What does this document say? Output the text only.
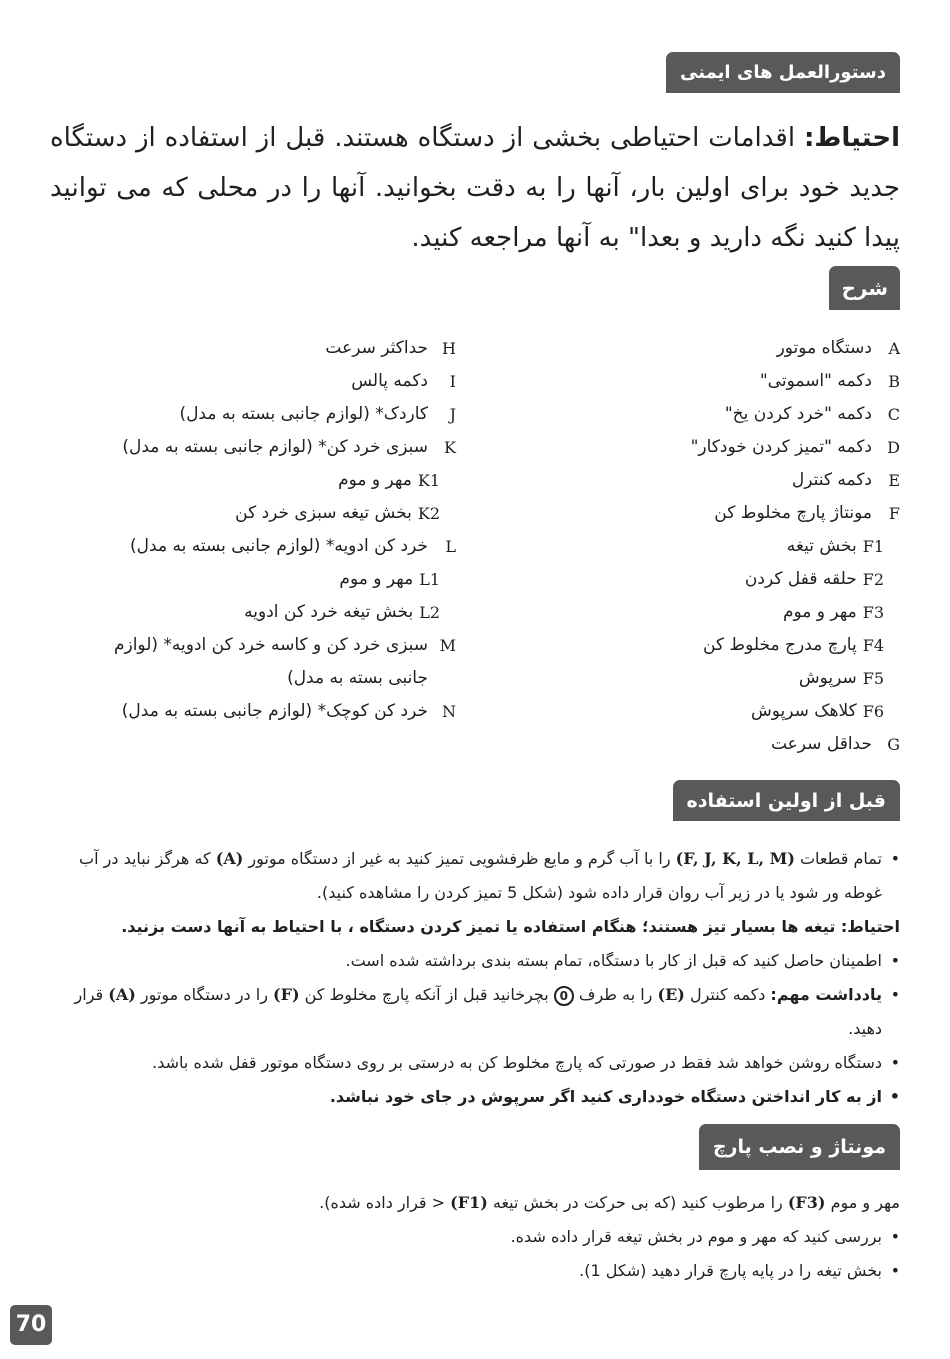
دستورالعمل های ایمنی

احتیاط: اقدامات احتیاطی بخشی از دستگاه هستند. قبل از استفاده از دستگاه جدید خود برای اولین بار، آنها را به دقت بخوانید. آنها را در محلی که می توانید پیدا کنید نگه دارید و بعدا" به آنها مراجعه کنید.

شرح
A
دستگاه موتور
B
دکمه "اسموتی"
C
دکمه "خرد کردن یخ"
D
دکمه "تمیز کردن خودکار"
E
دکمه کنترل
F
مونتاژ پارچ مخلوط کن
F1
بخش تیغه
F2
حلقه قفل کردن
F3
مهر و موم
F4
پارچ مدرج مخلوط کن
F5
سرپوش
F6
کلاهک سرپوش
G
حداقل سرعت
H
حداکثر سرعت
I
دکمه پالس
J
کاردک* (لوازم جانبی بسته به مدل)
K
سبزی خرد کن* (لوازم جانبی بسته به مدل)
K1
مهر و موم
K2
بخش تیغه سبزی خرد کن
L
خرد کن ادویه* (لوازم جانبی بسته به مدل)
L1
مهر و موم
L2
بخش تیغه خرد کن ادویه
M
سبزی خرد کن و کاسه خرد کن ادویه* (لوازم جانبی بسته به مدل)
N
خرد کن کوچک* (لوازم جانبی بسته به مدل)
قبل از اولین استفاده

• تمام قطعات (F, J, K, L, M) را با آب گرم و مایع ظرفشویی تمیز کنید به غیر از دستگاه موتور (A) که هرگز نباید در آب غوطه ور شود یا در زیر آب روان قرار داده شود (شکل 5 تمیز کردن را مشاهده کنید).

احتیاط: تیغه ها بسیار تیز هستند؛ هنگام استفاده یا تمیز کردن دستگاه ، با احتیاط به آنها دست بزنید.

• اطمینان حاصل کنید که قبل از کار با دستگاه، تمام بسته بندی برداشته شده است.

• یادداشت مهم: دکمه کنترل (E) را به طرف 0 بچرخانید قبل از آنکه پارچ مخلوط کن (F) را در دستگاه موتور (A) قرار دهید.

• دستگاه روشن خواهد شد فقط در صورتی که پارچ مخلوط کن به درستی بر روی دستگاه موتور قفل شده باشد.

• از به کار انداختن دستگاه خودداری کنید اگر سرپوش در جای خود نباشد.

مونتاژ و نصب پارچ

مهر و موم (F3) را مرطوب کنید (که بی حرکت در بخش تیغه (F1) < قرار داده شده).

• بررسی کنید که مهر و موم در بخش تیغه قرار داده شده.

• بخش تیغه را در پایه پارچ قرار دهید (شکل 1).

70
